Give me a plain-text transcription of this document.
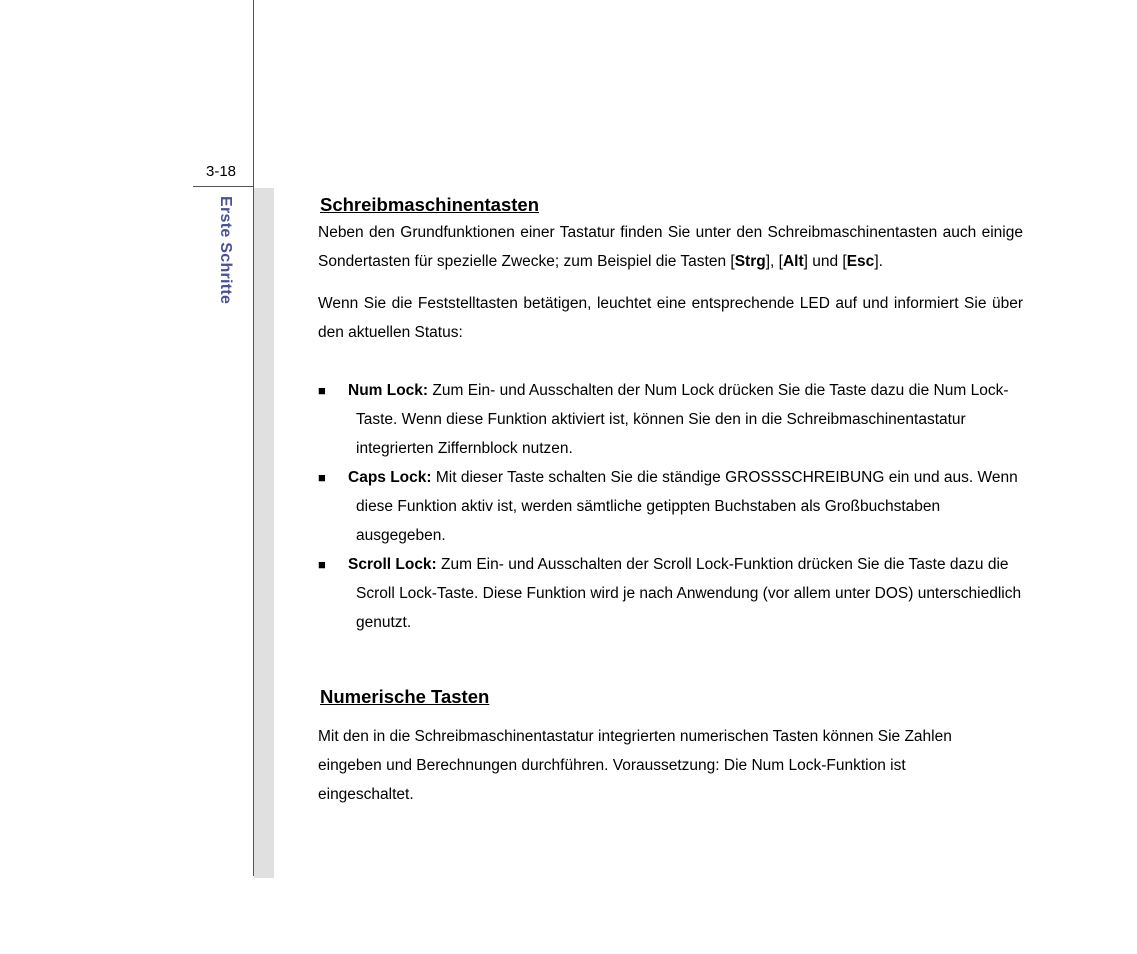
3-18
Erste Schritte	Schreibmaschinentasten

Neben den Grundfunktionen einer Tastatur finden Sie unter den Schreibmaschinentasten auch einige Sondertasten für spezielle Zwecke; zum Beispiel die Tasten [Strg], [Alt] und [Esc].

Wenn Sie die Feststelltasten betätigen, leuchtet eine entsprechende LED auf und informiert Sie über den aktuellen Status:

■ Num Lock: Zum Ein- und Ausschalten der Num Lock drücken Sie die Taste dazu die Num Lock-Taste. Wenn diese Funktion aktiviert ist, können Sie den in die Schreibmaschinentastatur integrierten Ziffernblock nutzen.
■ Caps Lock: Mit dieser Taste schalten Sie die ständige GROSSSCHREIBUNG ein und aus. Wenn diese Funktion aktiv ist, werden sämtliche getippten Buchstaben als Großbuchstaben ausgegeben.
■ Scroll Lock: Zum Ein- und Ausschalten der Scroll Lock-Funktion drücken Sie die Taste dazu die Scroll Lock-Taste. Diese Funktion wird je nach Anwendung (vor allem unter DOS) unterschiedlich genutzt.
Numerische Tasten

Mit den in die Schreibmaschinentastatur integrierten numerischen Tasten können Sie Zahlen eingeben und Berechnungen durchführen. Voraussetzung: Die Num Lock-Funktion ist eingeschaltet.
